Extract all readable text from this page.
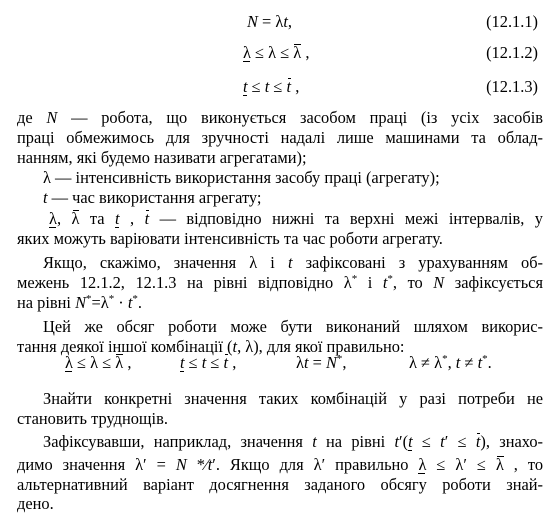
N = λt,	(12.1.1)
λ ≤ λ ≤ λ ,	(12.1.2)
t ≤ t ≤ t ,	(12.1.3)
де N — робота, що виконується засобом праці (із усіх засобів
праці обмежимось для зручності надалі лише машинами та облад-
нанням, які будемо називати агрегатами);
λ — інтенсивність використання засобу праці (агрегату);
t — час використання агрегату;
λ, λ та t , t — відповідно нижні та верхні межі інтервалів, у
яких можуть варіювати інтенсивність та час роботи агрегату.
Якщо, скажімо, значення λ і t зафіксовані з урахуванням об-
межень 12.1.2, 12.1.3 на рівні відповідно λ* і t*, то N зафіксується
на рівні N*=λ* · t*.
Цей же обсяг роботи може бути виконаний шляхом викорис-
тання деякої іншої комбінації (t, λ), для якої правильно:
λ ≤ λ ≤ λ ,	t ≤ t ≤ t ,	λt = N*,	λ ≠ λ*, t ≠ t*.
Знайти конкретні значення таких комбінацій у разі потреби не
становить труднощів.
Зафіксувавши, наприклад, значення t на рівні t′(t ≤ t′ ≤ t), знахо-
димо значення λ′ = N *⁄t′. Якщо для λ′ правильно λ ≤ λ′ ≤ λ , то
альтернативний варіант досягнення заданого обсягу роботи знай-
дено.
